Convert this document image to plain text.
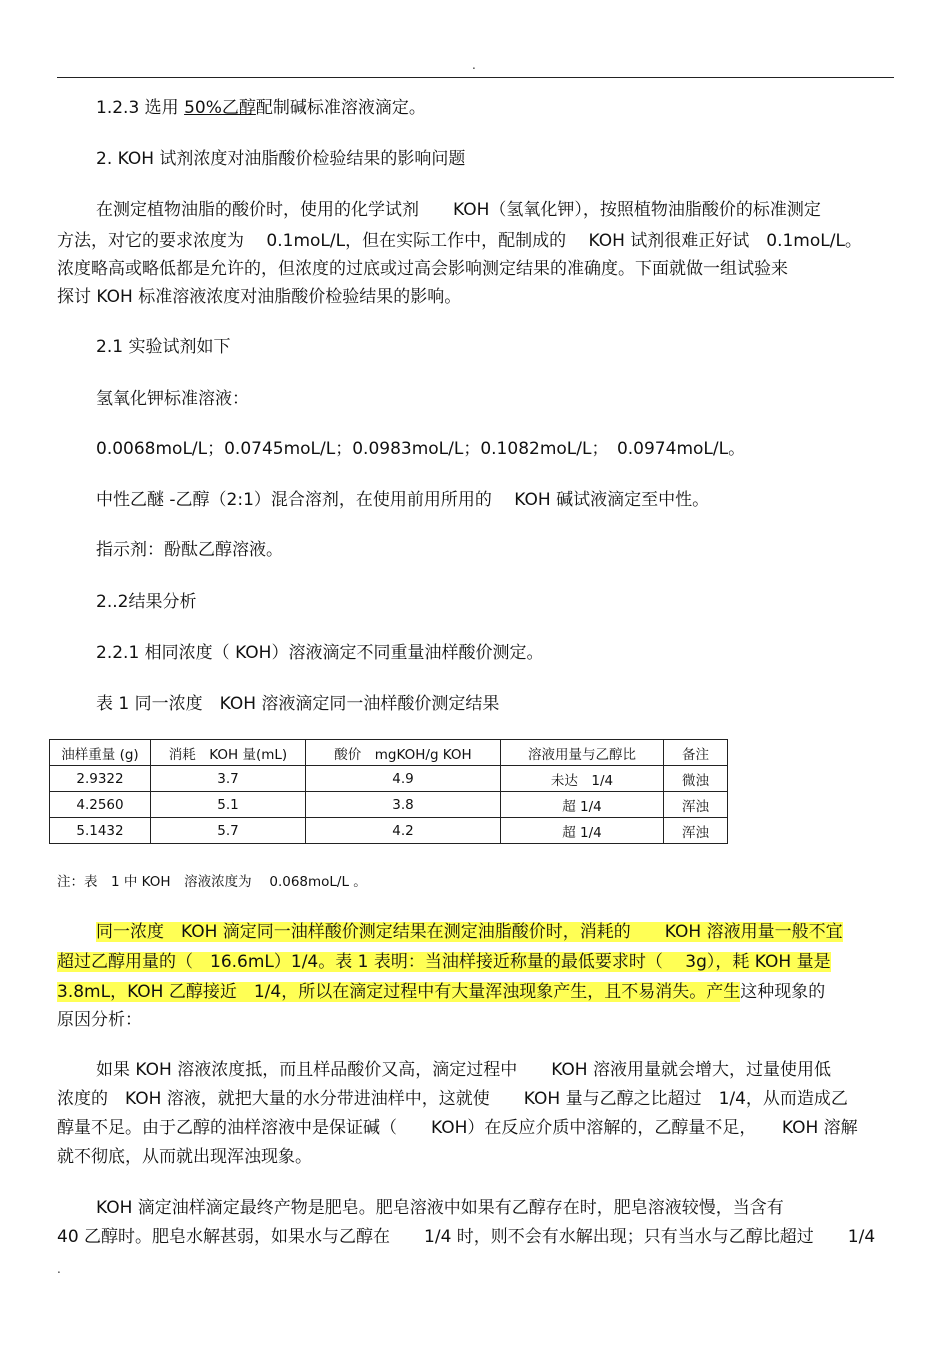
.
1.2.3 选用 50%乙醇配制碱标准溶液滴定。
2. KOH 试剂浓度对油脂酸价检验结果的影响问题
在测定植物油脂的酸价时，使用的化学试剂　　KOH（氢氧化钾），按照植物油脂酸价的标准测定
方法，对它的要求浓度为　 0.1moL/L，但在实际工作中，配制成的　 KOH 试剂很难正好试　0.1moL/L。
浓度略高或略低都是允许的，但浓度的过底或过高会影响测定结果的准确度。下面就做一组试验来
探讨 KOH 标准溶液浓度对油脂酸价检验结果的影响。
2.1 实验试剂如下
氢氧化钾标准溶液：
0.0068moL/L；0.0745moL/L；0.0983moL/L；0.1082moL/L；　0.0974moL/L。
中性乙醚 -乙醇（2:1）混合溶剂，在使用前用所用的　 KOH 碱试液滴定至中性。
指示剂：酚酞乙醇溶液。
2..2结果分析
2.2.1 相同浓度（ KOH）溶液滴定不同重量油样酸价测定。
表 1 同一浓度　KOH 溶液滴定同一油样酸价测定结果
油样重量 (g)	消耗　KOH 量(mL)	酸价　mgKOH/g KOH	溶液用量与乙醇比	备注
2.9322	3.7	4.9	未达　1/4	微浊
4.2560	5.1	3.8	超 1/4	浑浊
5.1432	5.7	4.2	超 1/4	浑浊
注：表　1 中 KOH　溶液浓度为　 0.068moL/L 。
同一浓度　KOH 滴定同一油样酸价测定结果在测定油脂酸价时，消耗的　　KOH 溶液用量一般不宜
超过乙醇用量的（　16.6mL）1/4。表 1 表明：当油样接近称量的最低要求时（　 3g），耗 KOH 量是
3.8mL，KOH 乙醇接近　1/4，所以在滴定过程中有大量浑浊现象产生，且不易消失。产生这种现象的
原因分析：
如果 KOH 溶液浓度抵，而且样品酸价又高，滴定过程中　　KOH 溶液用量就会增大，过量使用低
浓度的　KOH 溶液，就把大量的水分带进油样中，这就使　　KOH 量与乙醇之比超过　1/4，从而造成乙
醇量不足。由于乙醇的油样溶液中是保证碱（　　KOH）在反应介质中溶解的，乙醇量不足，　　KOH 溶解
就不彻底，从而就出现浑浊现象。
KOH 滴定油样滴定最终产物是肥皂。肥皂溶液中如果有乙醇存在时，肥皂溶液较慢，当含有
40 乙醇时。肥皂水解甚弱，如果水与乙醇在　　1/4 时，则不会有水解出现；只有当水与乙醇比超过　　1/4
.
